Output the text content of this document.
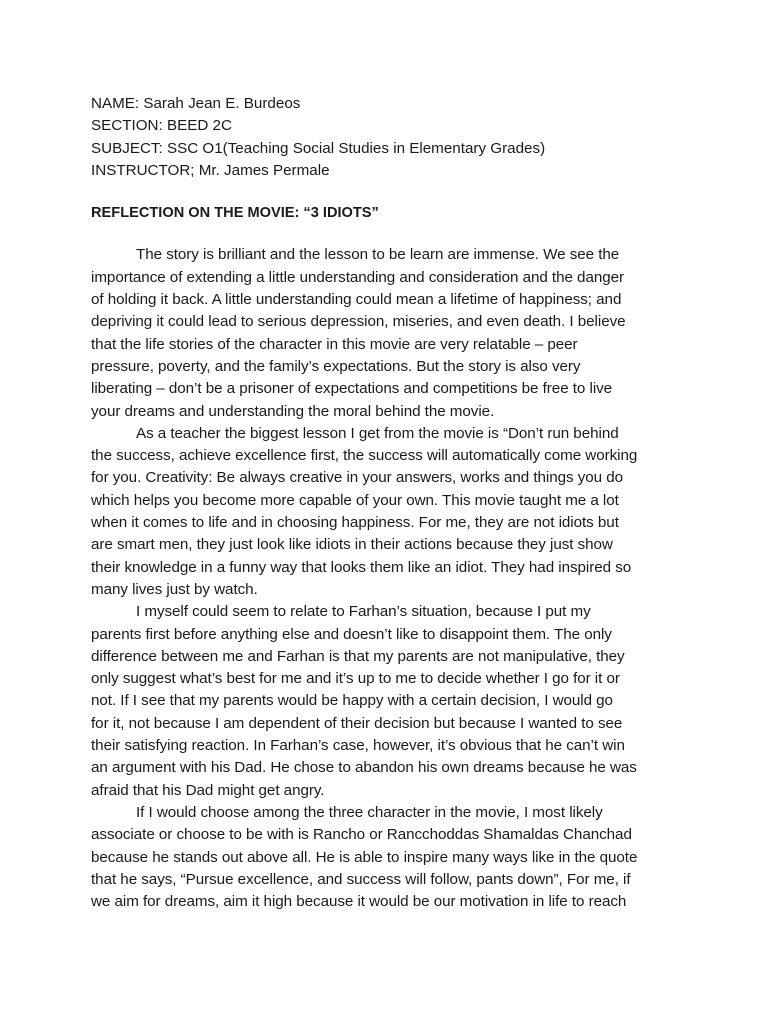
NAME: Sarah Jean E. Burdeos

SECTION: BEED 2C

SUBJECT: SSC O1(Teaching Social Studies in Elementary Grades)

INSTRUCTOR; Mr. James Permale

REFLECTION ON THE MOVIE: “3 IDIOTS”

The story is brilliant and the lesson to be learn are immense. We see the
importance of extending a little understanding and consideration and the danger
of holding it back. A little understanding could mean a lifetime of happiness; and
depriving it could lead to serious depression, miseries, and even death. I believe
that the life stories of the character in this movie are very relatable – peer
pressure, poverty, and the family’s expectations. But the story is also very
liberating – don’t be a prisoner of expectations and competitions be free to live
your dreams and understanding the moral behind the movie.

As a teacher the biggest lesson I get from the movie is “Don’t run behind
the success, achieve excellence first, the success will automatically come working
for you. Creativity: Be always creative in your answers, works and things you do
which helps you become more capable of your own. This movie taught me a lot
when it comes to life and in choosing happiness. For me, they are not idiots but
are smart men, they just look like idiots in their actions because they just show
their knowledge in a funny way that looks them like an idiot. They had inspired so
many lives just by watch.

I myself could seem to relate to Farhan’s situation, because I put my
parents first before anything else and doesn’t like to disappoint them. The only
difference between me and Farhan is that my parents are not manipulative, they
only suggest what’s best for me and it’s up to me to decide whether I go for it or
not. If I see that my parents would be happy with a certain decision, I would go
for it, not because I am dependent of their decision but because I wanted to see
their satisfying reaction. In Farhan’s case, however, it’s obvious that he can’t win
an argument with his Dad. He chose to abandon his own dreams because he was
afraid that his Dad might get angry.

If I would choose among the three character in the movie, I most likely
associate or choose to be with is Rancho or Rancchoddas Shamaldas Chanchad
because he stands out above all. He is able to inspire many ways like in the quote
that he says, “Pursue excellence, and success will follow, pants down”, For me, if
we aim for dreams, aim it high because it would be our motivation in life to reach
